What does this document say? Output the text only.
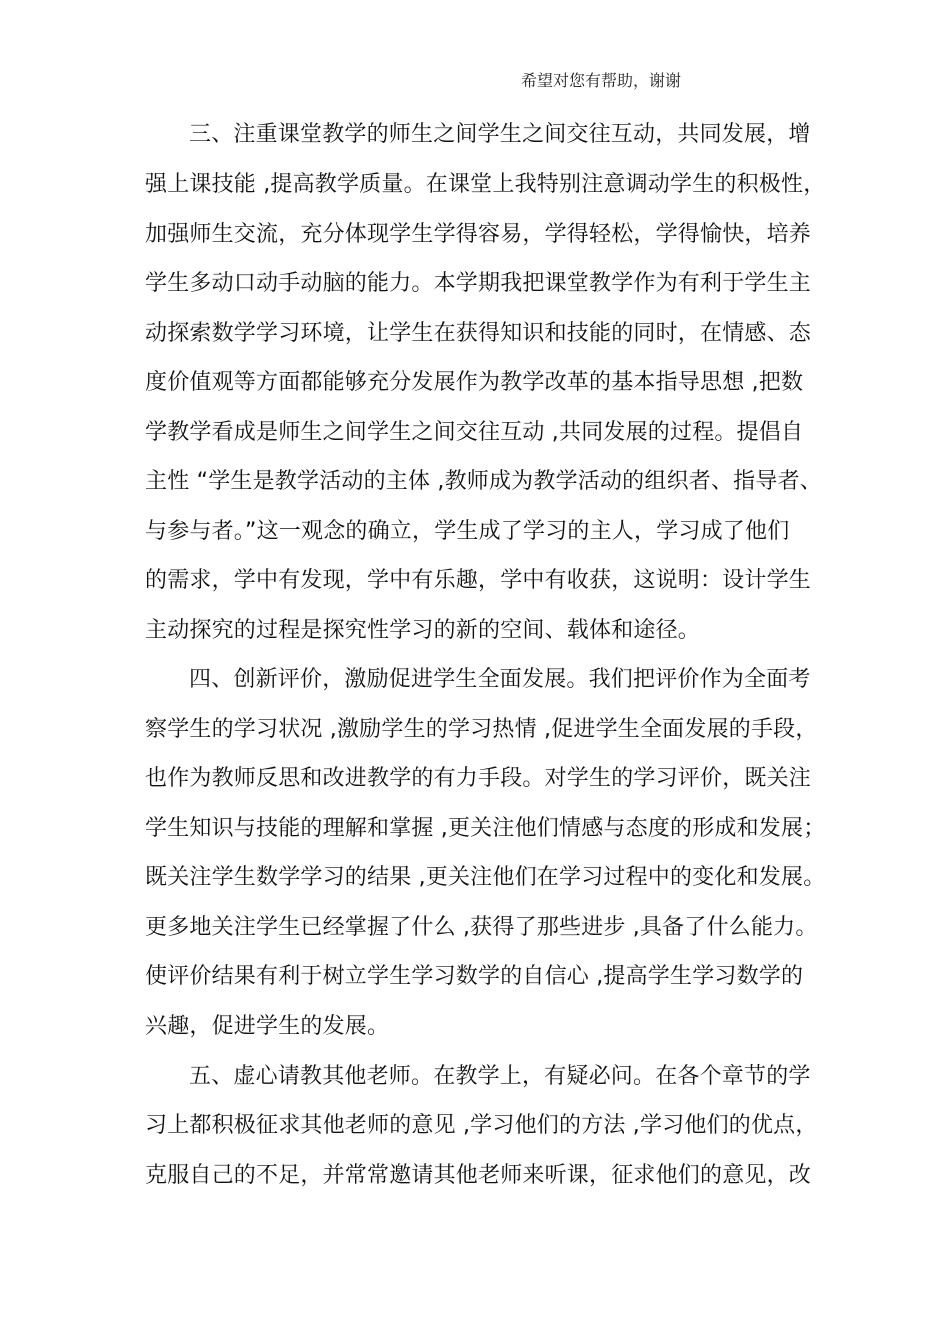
希望对您有帮助，谢谢
三、注重课堂教学的师生之间学生之间交往互动，共同发展，增
强上课技能 ,提高教学质量。在课堂上我特别注意调动学生的积极性，
加强师生交流，充分体现学生学得容易，学得轻松，学得愉快，培养
学生多动口动手动脑的能力。本学期我把课堂教学作为有利于学生主
动探索数学学习环境，让学生在获得知识和技能的同时，在情感、态
度价值观等方面都能够充分发展作为教学改革的基本指导思想 ,把数
学教学看成是师生之间学生之间交往互动 ,共同发展的过程。提倡自
主性 “学生是教学活动的主体 ,教师成为教学活动的组织者、指导者、
与参与者。”这一观念的确立，学生成了学习的主人，学习成了他们
的需求，学中有发现，学中有乐趣，学中有收获，这说明：设计学生
主动探究的过程是探究性学习的新的空间、载体和途径。
四、创新评价，激励促进学生全面发展。我们把评价作为全面考
察学生的学习状况 ,激励学生的学习热情 ,促进学生全面发展的手段，
也作为教师反思和改进教学的有力手段。对学生的学习评价，既关注
学生知识与技能的理解和掌握 ,更关注他们情感与态度的形成和发展；
既关注学生数学学习的结果 ,更关注他们在学习过程中的变化和发展。
更多地关注学生已经掌握了什么 ,获得了那些进步 ,具备了什么能力。
使评价结果有利于树立学生学习数学的自信心 ,提高学生学习数学的
兴趣，促进学生的发展。
五、虚心请教其他老师。在教学上，有疑必问。在各个章节的学
习上都积极征求其他老师的意见 ,学习他们的方法 ,学习他们的优点，
克服自己的不足，并常常邀请其他老师来听课，征求他们的意见，改
